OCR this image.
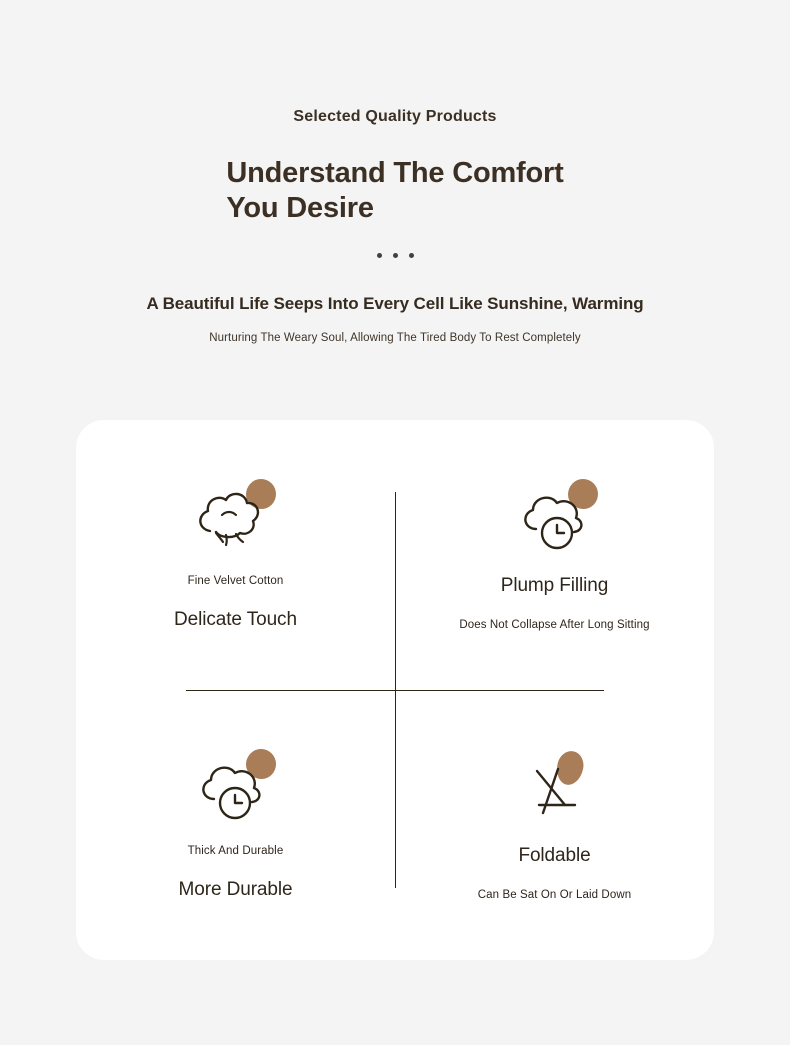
Selected Quality Products
Understand The Comfort
You Desire
A Beautiful Life Seeps Into Every Cell Like Sunshine, Warming
Nurturing The Weary Soul, Allowing The Tired Body To Rest Completely
Fine Velvet Cotton
Delicate Touch
Plump Filling
Does Not Collapse After Long Sitting
Thick And Durable
More Durable
Foldable
Can Be Sat On Or Laid Down
